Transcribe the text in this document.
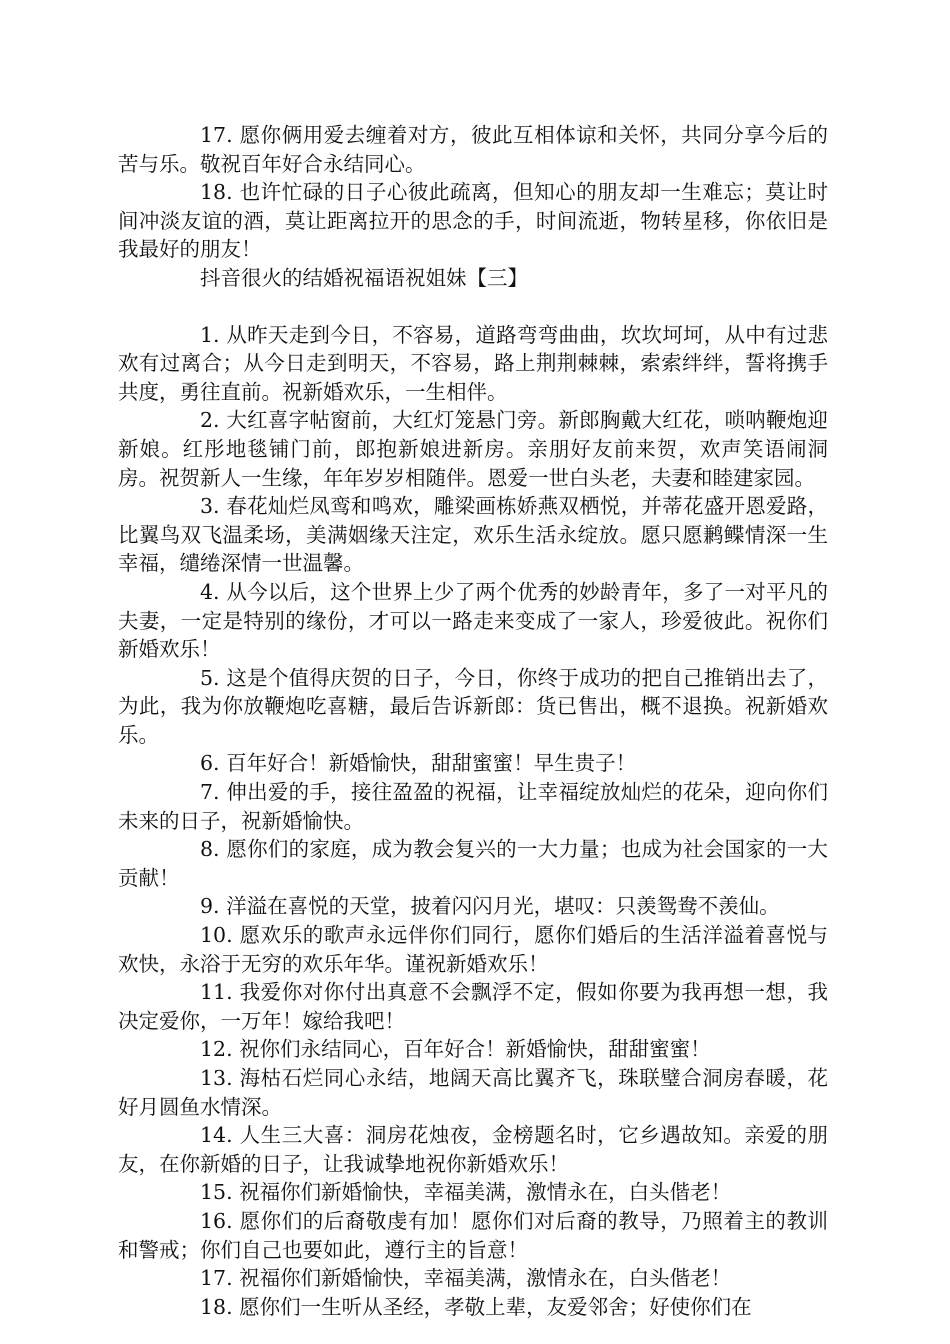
17. 愿你俩用爱去缠着对方，彼此互相体谅和关怀，共同分享今后的苦与乐。敬祝百年好合永结同心。

18. 也许忙碌的日子心彼此疏离，但知心的朋友却一生难忘；莫让时间冲淡友谊的酒，莫让距离拉开的思念的手，时间流逝，物转星移，你依旧是我最好的朋友！

抖音很火的结婚祝福语祝姐妹【三】

1. 从昨天走到今日，不容易，道路弯弯曲曲，坎坎坷坷，从中有过悲欢有过离合；从今日走到明天，不容易，路上荆荆棘棘，索索绊绊，誓将携手共度，勇往直前。祝新婚欢乐，一生相伴。

2. 大红喜字帖窗前，大红灯笼悬门旁。新郎胸戴大红花，唢呐鞭炮迎新娘。红彤地毯铺门前，郎抱新娘进新房。亲朋好友前来贺，欢声笑语闹洞房。祝贺新人一生缘，年年岁岁相随伴。恩爱一世白头老，夫妻和睦建家园。

3. 春花灿烂凤鸾和鸣欢，雕梁画栋娇燕双栖悦，并蒂花盛开恩爱路，比翼鸟双飞温柔场，美满姻缘天注定，欢乐生活永绽放。愿只愿鹣鲽情深一生幸福，缱绻深情一世温馨。

4. 从今以后，这个世界上少了两个优秀的妙龄青年，多了一对平凡的夫妻，一定是特别的缘份，才可以一路走来变成了一家人，珍爱彼此。祝你们新婚欢乐！

5. 这是个值得庆贺的日子，今日，你终于成功的把自己推销出去了，为此，我为你放鞭炮吃喜糖，最后告诉新郎：货已售出，概不退换。祝新婚欢乐。

6. 百年好合！新婚愉快，甜甜蜜蜜！早生贵子！

7. 伸出爱的手，接往盈盈的祝福，让幸福绽放灿烂的花朵，迎向你们未来的日子，祝新婚愉快。

8. 愿你们的家庭，成为教会复兴的一大力量；也成为社会国家的一大贡献！

9. 洋溢在喜悦的天堂，披着闪闪月光，堪叹：只羡鸳鸯不羡仙。

10. 愿欢乐的歌声永远伴你们同行，愿你们婚后的生活洋溢着喜悦与欢快，永浴于无穷的欢乐年华。谨祝新婚欢乐！

11. 我爱你对你付出真意不会飘浮不定，假如你要为我再想一想，我决定爱你，一万年！嫁给我吧！

12. 祝你们永结同心，百年好合！新婚愉快，甜甜蜜蜜！

13. 海枯石烂同心永结，地阔天高比翼齐飞，珠联璧合洞房春暖，花好月圆鱼水情深。

14. 人生三大喜：洞房花烛夜，金榜题名时，它乡遇故知。亲爱的朋友，在你新婚的日子，让我诚挚地祝你新婚欢乐！

15. 祝福你们新婚愉快，幸福美满，激情永在，白头偕老！

16. 愿你们的后裔敬虔有加！愿你们对后裔的教导，乃照着主的教训和警戒；你们自己也要如此，遵行主的旨意！

17. 祝福你们新婚愉快，幸福美满，激情永在，白头偕老！

18. 愿你们一生听从圣经，孝敬上辈，友爱邻舍；好使你们在
